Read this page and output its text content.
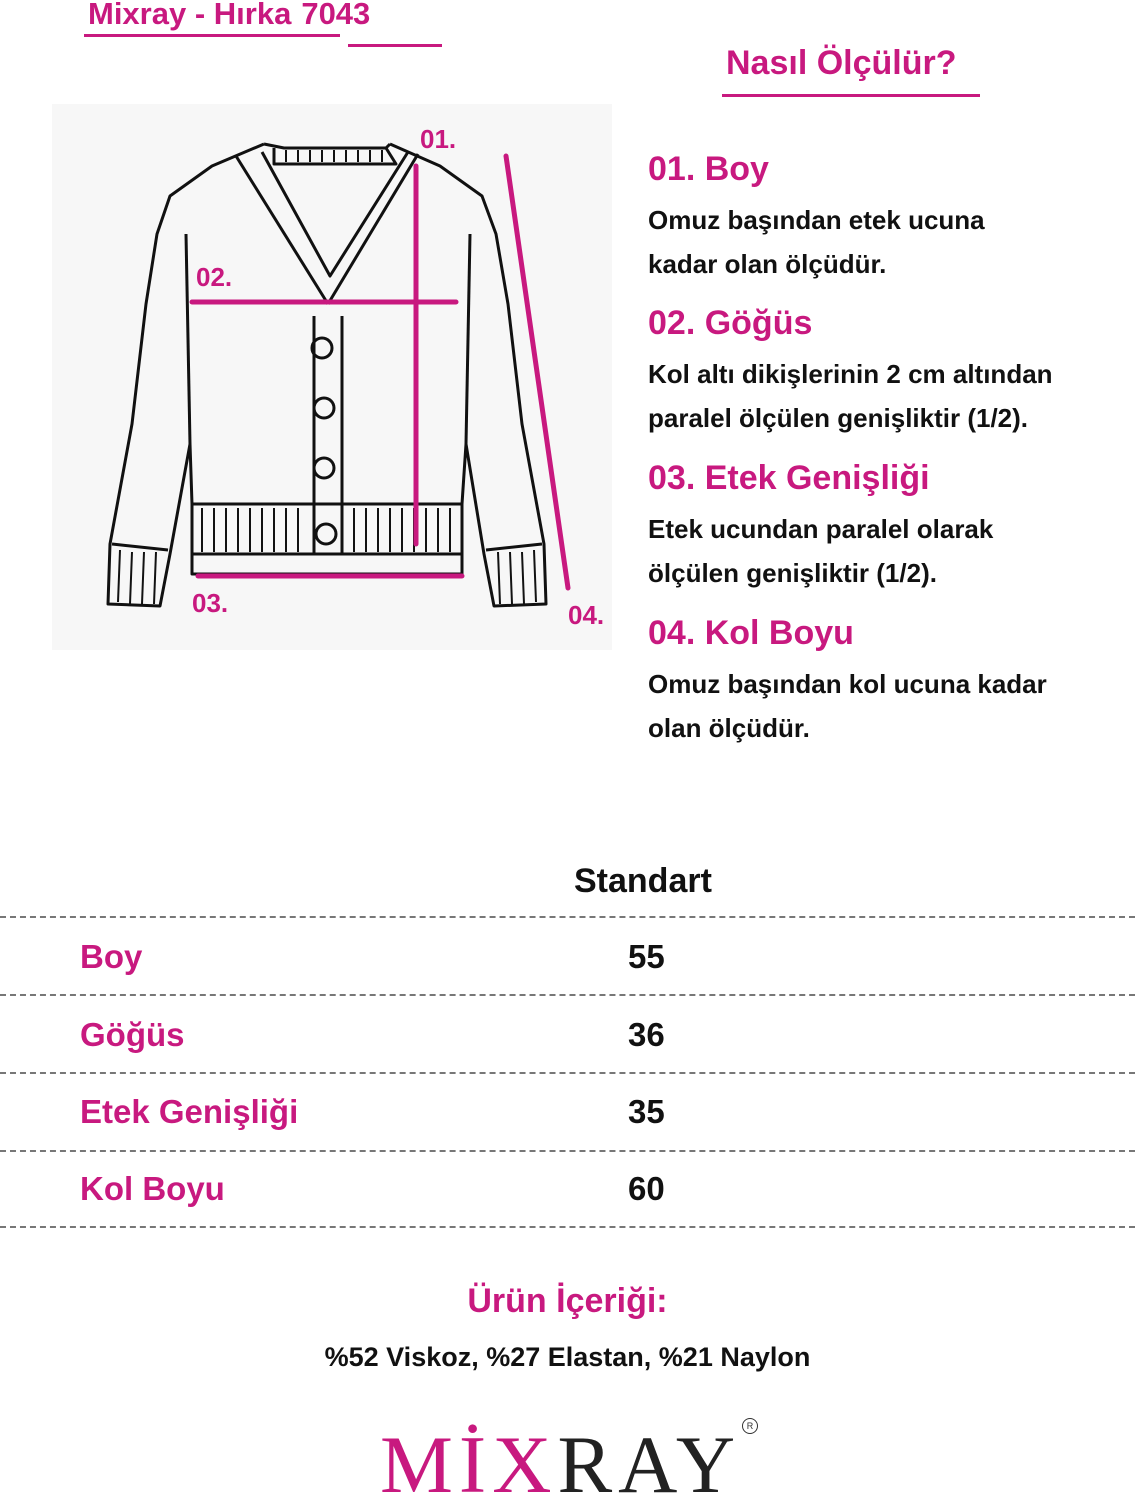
Mixray - Hırka 7043
Nasıl Ölçülür?
01.
02.
03.	04.
01. Boy
Omuz başından etek ucuna
kadar olan ölçüdür.
02. Göğüs
Kol altı dikişlerinin 2 cm altından
paralel ölçülen genişliktir (1/2).
03. Etek Genişliği
Etek ucundan paralel olarak
ölçülen genişliktir (1/2).
04. Kol Boyu
Omuz başından kol ucuna kadar
olan ölçüdür.
Standart
Boy	55
Göğüs	36
Etek Genişliği	35
Kol Boyu	60
Ürün İçeriği:
%52 Viskoz, %27 Elastan, %21 Naylon
MİXRAY R
